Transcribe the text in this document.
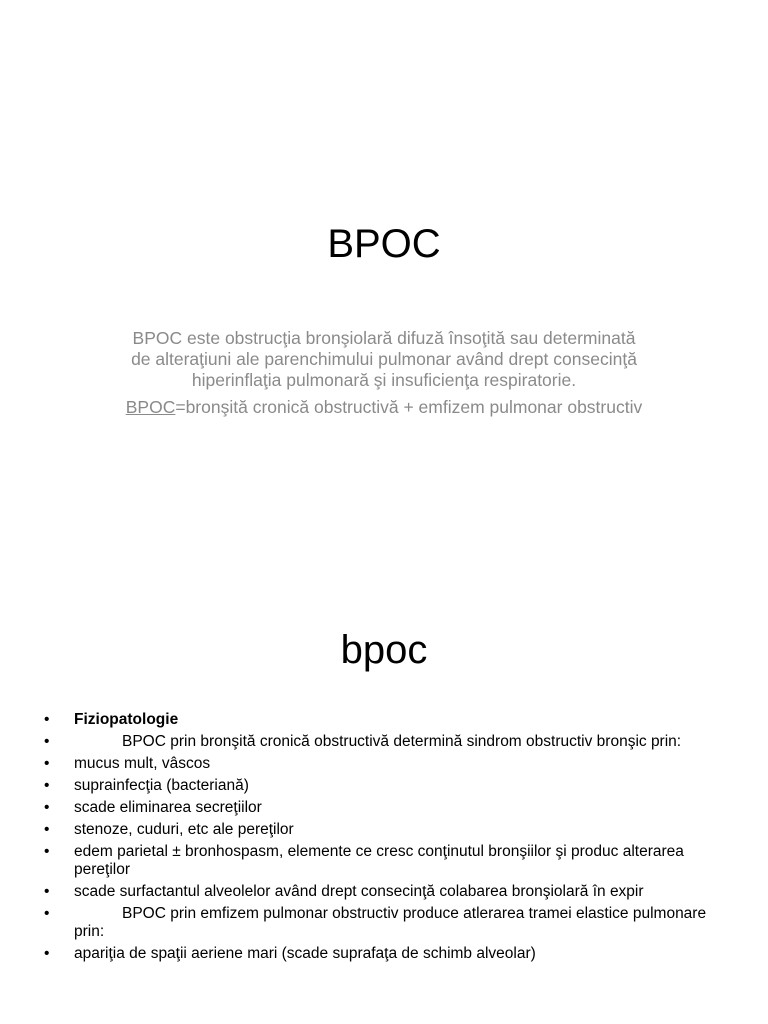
BPOC

BPOC este obstrucţia bronşiolară difuză însoţită sau determinată de alteraţiuni ale parenchimului pulmonar având drept consecinţă hiperinflaţia pulmonară şi insuficienţa respiratorie.

BPOC=bronşită cronică obstructivă + emfizem pulmonar obstructiv

bpoc
• Fiziopatologie
•	BPOC prin bronşită cronică obstructivă determină sindrom obstructiv bronşic prin:
• mucus mult, vâscos
• suprainfecţia (bacteriană)
• scade eliminarea secreţiilor
• stenoze, cuduri, etc ale pereţilor
• edem parietal ± bronhospasm, elemente ce cresc conţinutul bronşiilor şi produc alterarea pereţilor
• scade surfactantul alveolelor având drept consecinţă colabarea bronşiolară în expir
•	BPOC prin emfizem pulmonar obstructiv produce atlerarea tramei elastice pulmonare prin:
• apariţia de spaţii aeriene mari (scade suprafaţa de schimb alveolar)
